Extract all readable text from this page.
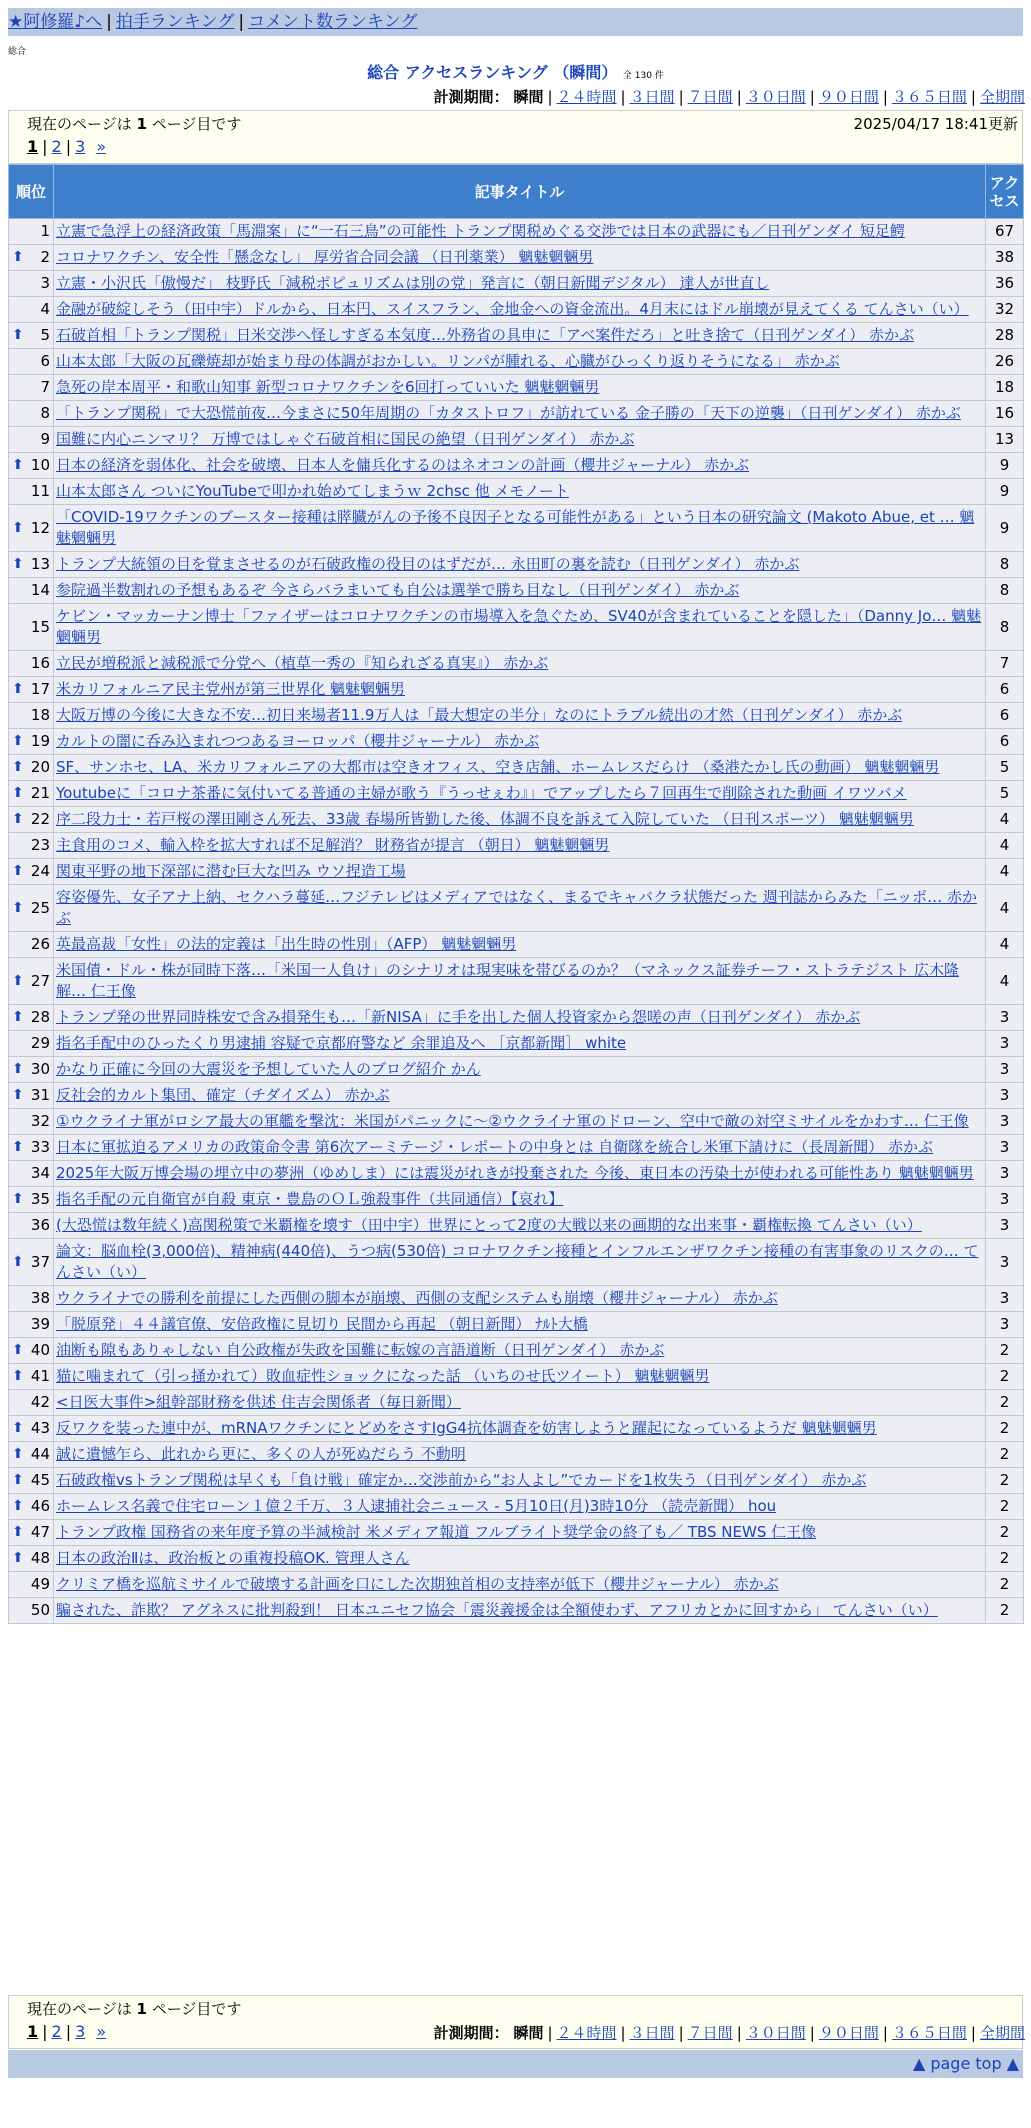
★阿修羅♪へ | 拍手ランキング | コメント数ランキング
総合
総合 アクセスランキング （瞬間） 全 130 件
計測期間： 瞬間 | ２４時間 | ３日間 | ７日間 | ３０日間 | ９０日間 | ３６５日間 | 全期間
現在のページは 1 ページ目です	2025/04/17 18:41更新
1 | 2 | 3 »
順位	記事タイトル	アクセス
1	立憲で急浮上の経済政策「馬淵案」に“一石三鳥”の可能性 トランプ関税めぐる交渉では日本の武器にも／日刊ゲンダイ 短足鰐	67

⬆ 2	コロナワクチン、安全性「懸念なし」 厚労省合同会議 （日刊薬業） 魑魅魍魎男	38
3	立憲・小沢氏「傲慢だ」 枝野氏「減税ポピュリズムは別の党」発言に（朝日新聞デジタル） 達人が世直し	36
4	金融が破綻しそう（田中宇）ドルから、日本円、スイスフラン、金地金への資金流出。4月末にはドル崩壊が見えてくる てんさい（い）	32

⬆ 5	石破首相「トランプ関税」日米交渉へ怪しすぎる本気度…外務省の具申に「アベ案件だろ」と吐き捨て（日刊ゲンダイ） 赤かぶ	28
6	山本太郎「大阪の瓦礫焼却が始まり母の体調がおかしい。リンパが腫れる、心臓がひっくり返りそうになる」 赤かぶ	26
7	急死の岸本周平・和歌山知事 新型コロナワクチンを6回打っていいた 魑魅魍魎男	18
8	「トランプ関税」で大恐慌前夜…今まさに50年周期の「カタストロフ」が訪れている 金子勝の「天下の逆襲」（日刊ゲンダイ） 赤かぶ	16
9	国難に内心ニンマリ？ 万博ではしゃぐ石破首相に国民の絶望（日刊ゲンダイ） 赤かぶ	13

⬆ 10	日本の経済を弱体化、社会を破壊、日本人を傭兵化するのはネオコンの計画（櫻井ジャーナル） 赤かぶ	9
11	山本太郎さん ついにYouTubeで叩かれ始めてしまうｗ 2chsc 他 メモノート	9

⬆ 12	「COVID-19ワクチンのブースター接種は膵臓がんの予後不良因子となる可能性がある」という日本の研究論文 (Makoto Abue, et … 魑魅魍魎男	9

⬆ 13	トランプ大統領の目を覚まさせるのが石破政権の役目のはずだが… 永田町の裏を読む（日刊ゲンダイ） 赤かぶ	8
14	参院過半数割れの予想もあるぞ 今さらバラまいても自公は選挙で勝ち目なし（日刊ゲンダイ） 赤かぶ	8
15	ケビン・マッカーナン博士「ファイザーはコロナワクチンの市場導入を急ぐため、SV40が含まれていることを隠した」（Danny Jo… 魑魅魍魎男	8
16	立民が増税派と減税派で分党へ（植草一秀の『知られざる真実』） 赤かぶ	7

⬆ 17	米カリフォルニア民主党州が第三世界化 魑魅魍魎男	6
18	大阪万博の今後に大きな不安…初日来場者11.9万人は「最大想定の半分」なのにトラブル続出の才然（日刊ゲンダイ） 赤かぶ	6

⬆ 19	カルトの闇に呑み込まれつつあるヨーロッパ（櫻井ジャーナル） 赤かぶ	6

⬆ 20	SF、サンホセ、LA、米カリフォルニアの大都市は空きオフィス、空き店舗、ホームレスだらけ （桑港たかし氏の動画） 魑魅魍魎男	5

⬆ 21	Youtubeに「コロナ茶番に気付いてる普通の主婦が歌う『うっせぇわ』」でアップしたら７回再生で削除された動画 イワツバメ	5

⬆ 22	序二段力士・若戸桜の澤田剛さん死去、33歳 春場所皆勤した後、体調不良を訴えて入院していた （日刊スポーツ） 魑魅魍魎男	4
23	主食用のコメ、輸入枠を拡大すれば不足解消？ 財務省が提言 （朝日） 魑魅魍魎男	4

⬆ 24	関東平野の地下深部に潜む巨大な凹み ウソ捏造工場	4

⬆ 25	容姿優先、女子アナ上納、セクハラ蔓延…フジテレビはメディアではなく、まるでキャバクラ状態だった 週刊誌からみた「ニッポ… 赤かぶ	4
26	英最高裁「女性」の法的定義は「出生時の性別」（AFP） 魑魅魍魎男	4

⬆ 27	米国債・ドル・株が同時下落…「米国一人負け」のシナリオは現実味を帯びるのか？（マネックス証券チーフ・ストラテジスト 広木隆解… 仁王像	4

⬆ 28	トランプ発の世界同時株安で含み損発生も…「新NISA」に手を出した個人投資家から怨嗟の声（日刊ゲンダイ） 赤かぶ	3
29	指名手配中のひったくり男逮捕 容疑で京都府警など 余罪追及へ ［京都新聞］ white	3

⬆ 30	かなり正確に今回の大震災を予想していた人のブログ紹介 かん	3

⬆ 31	反社会的カルト集団、確定（チダイズム） 赤かぶ	3
32	①ウクライナ軍がロシア最大の軍艦を撃沈：米国がパニックに〜②ウクライナ軍のドローン、空中で敵の対空ミサイルをかわす… 仁王像	3

⬆ 33	日本に軍拡迫るアメリカの政策命令書 第6次アーミテージ・レポートの中身とは 自衛隊を統合し米軍下請けに（長周新聞） 赤かぶ	3
34	2025年大阪万博会場の埋立中の夢洲（ゆめしま）には震災がれきが投棄された 今後、東日本の汚染土が使われる可能性あり 魑魅魍魎男	3

⬆ 35	指名手配の元自衛官が自殺 東京・豊島のＯＬ強殺事件（共同通信）【哀れ】	3
36	(大恐慌は数年続く)高関税策で米覇権を壊す（田中宇）世界にとって2度の大戦以来の画期的な出来事・覇権転換 てんさい（い）	3

⬆ 37	論文：脳血栓(3,000倍)、精神病(440倍)、うつ病(530倍) コロナワクチン接種とインフルエンザワクチン接種の有害事象のリスクの… てんさい（い）	3
38	ウクライナでの勝利を前提にした西側の脚本が崩壊、西側の支配システムも崩壊（櫻井ジャーナル） 赤かぶ	3
39	「脱原発」４４議官僚、安倍政権に見切り 民間から再起 （朝日新聞） ﾅﾙﾄ大橋	3

⬆ 40	油断も隙もありゃしない 自公政権が失政を国難に転嫁の言語道断（日刊ゲンダイ） 赤かぶ	2

⬆ 41	猫に噛まれて（引っ掻かれて）敗血症性ショックになった話 （いちのせ氏ツイート） 魑魅魍魎男	2
42	<日医大事件>組幹部財務を供述 住吉会関係者（毎日新聞）	2

⬆ 43	反ワクを装った連中が、mRNAワクチンにとどめをさすIgG4抗体調査を妨害しようと躍起になっているようだ 魑魅魍魎男	2

⬆ 44	誠に遺憾乍ら、此れから更に、多くの人が死ぬだらう 不動明	2

⬆ 45	石破政権vsトランプ関税は早くも「負け戦」確定か…交渉前から“お人よし”でカードを1枚失う（日刊ゲンダイ） 赤かぶ	2

⬆ 46	ホームレス名義で住宅ローン１億２千万、３人逮捕社会ニュース - 5月10日(月)3時10分 （読売新聞） hou	2

⬆ 47	トランプ政権 国務省の来年度予算の半減検討 米メディア報道 フルブライト奨学金の終了も／ TBS NEWS 仁王像	2

⬆ 48	日本の政治Ⅱは、政治板との重複投稿OK. 管理人さん	2
49	クリミア橋を巡航ミサイルで破壊する計画を口にした次期独首相の支持率が低下（櫻井ジャーナル） 赤かぶ	2
50	騙された、詐欺？ アグネスに批判殺到！ 日本ユニセフ協会「震災義援金は全額使わず、アフリカとかに回すから」 てんさい（い）	2
現在のページは 1 ページ目です
1 | 2 | 3 »	計測期間： 瞬間 | ２４時間 | ３日間 | ７日間 | ３０日間 | ９０日間 | ３６５日間 | 全期間
▲ page top ▲
